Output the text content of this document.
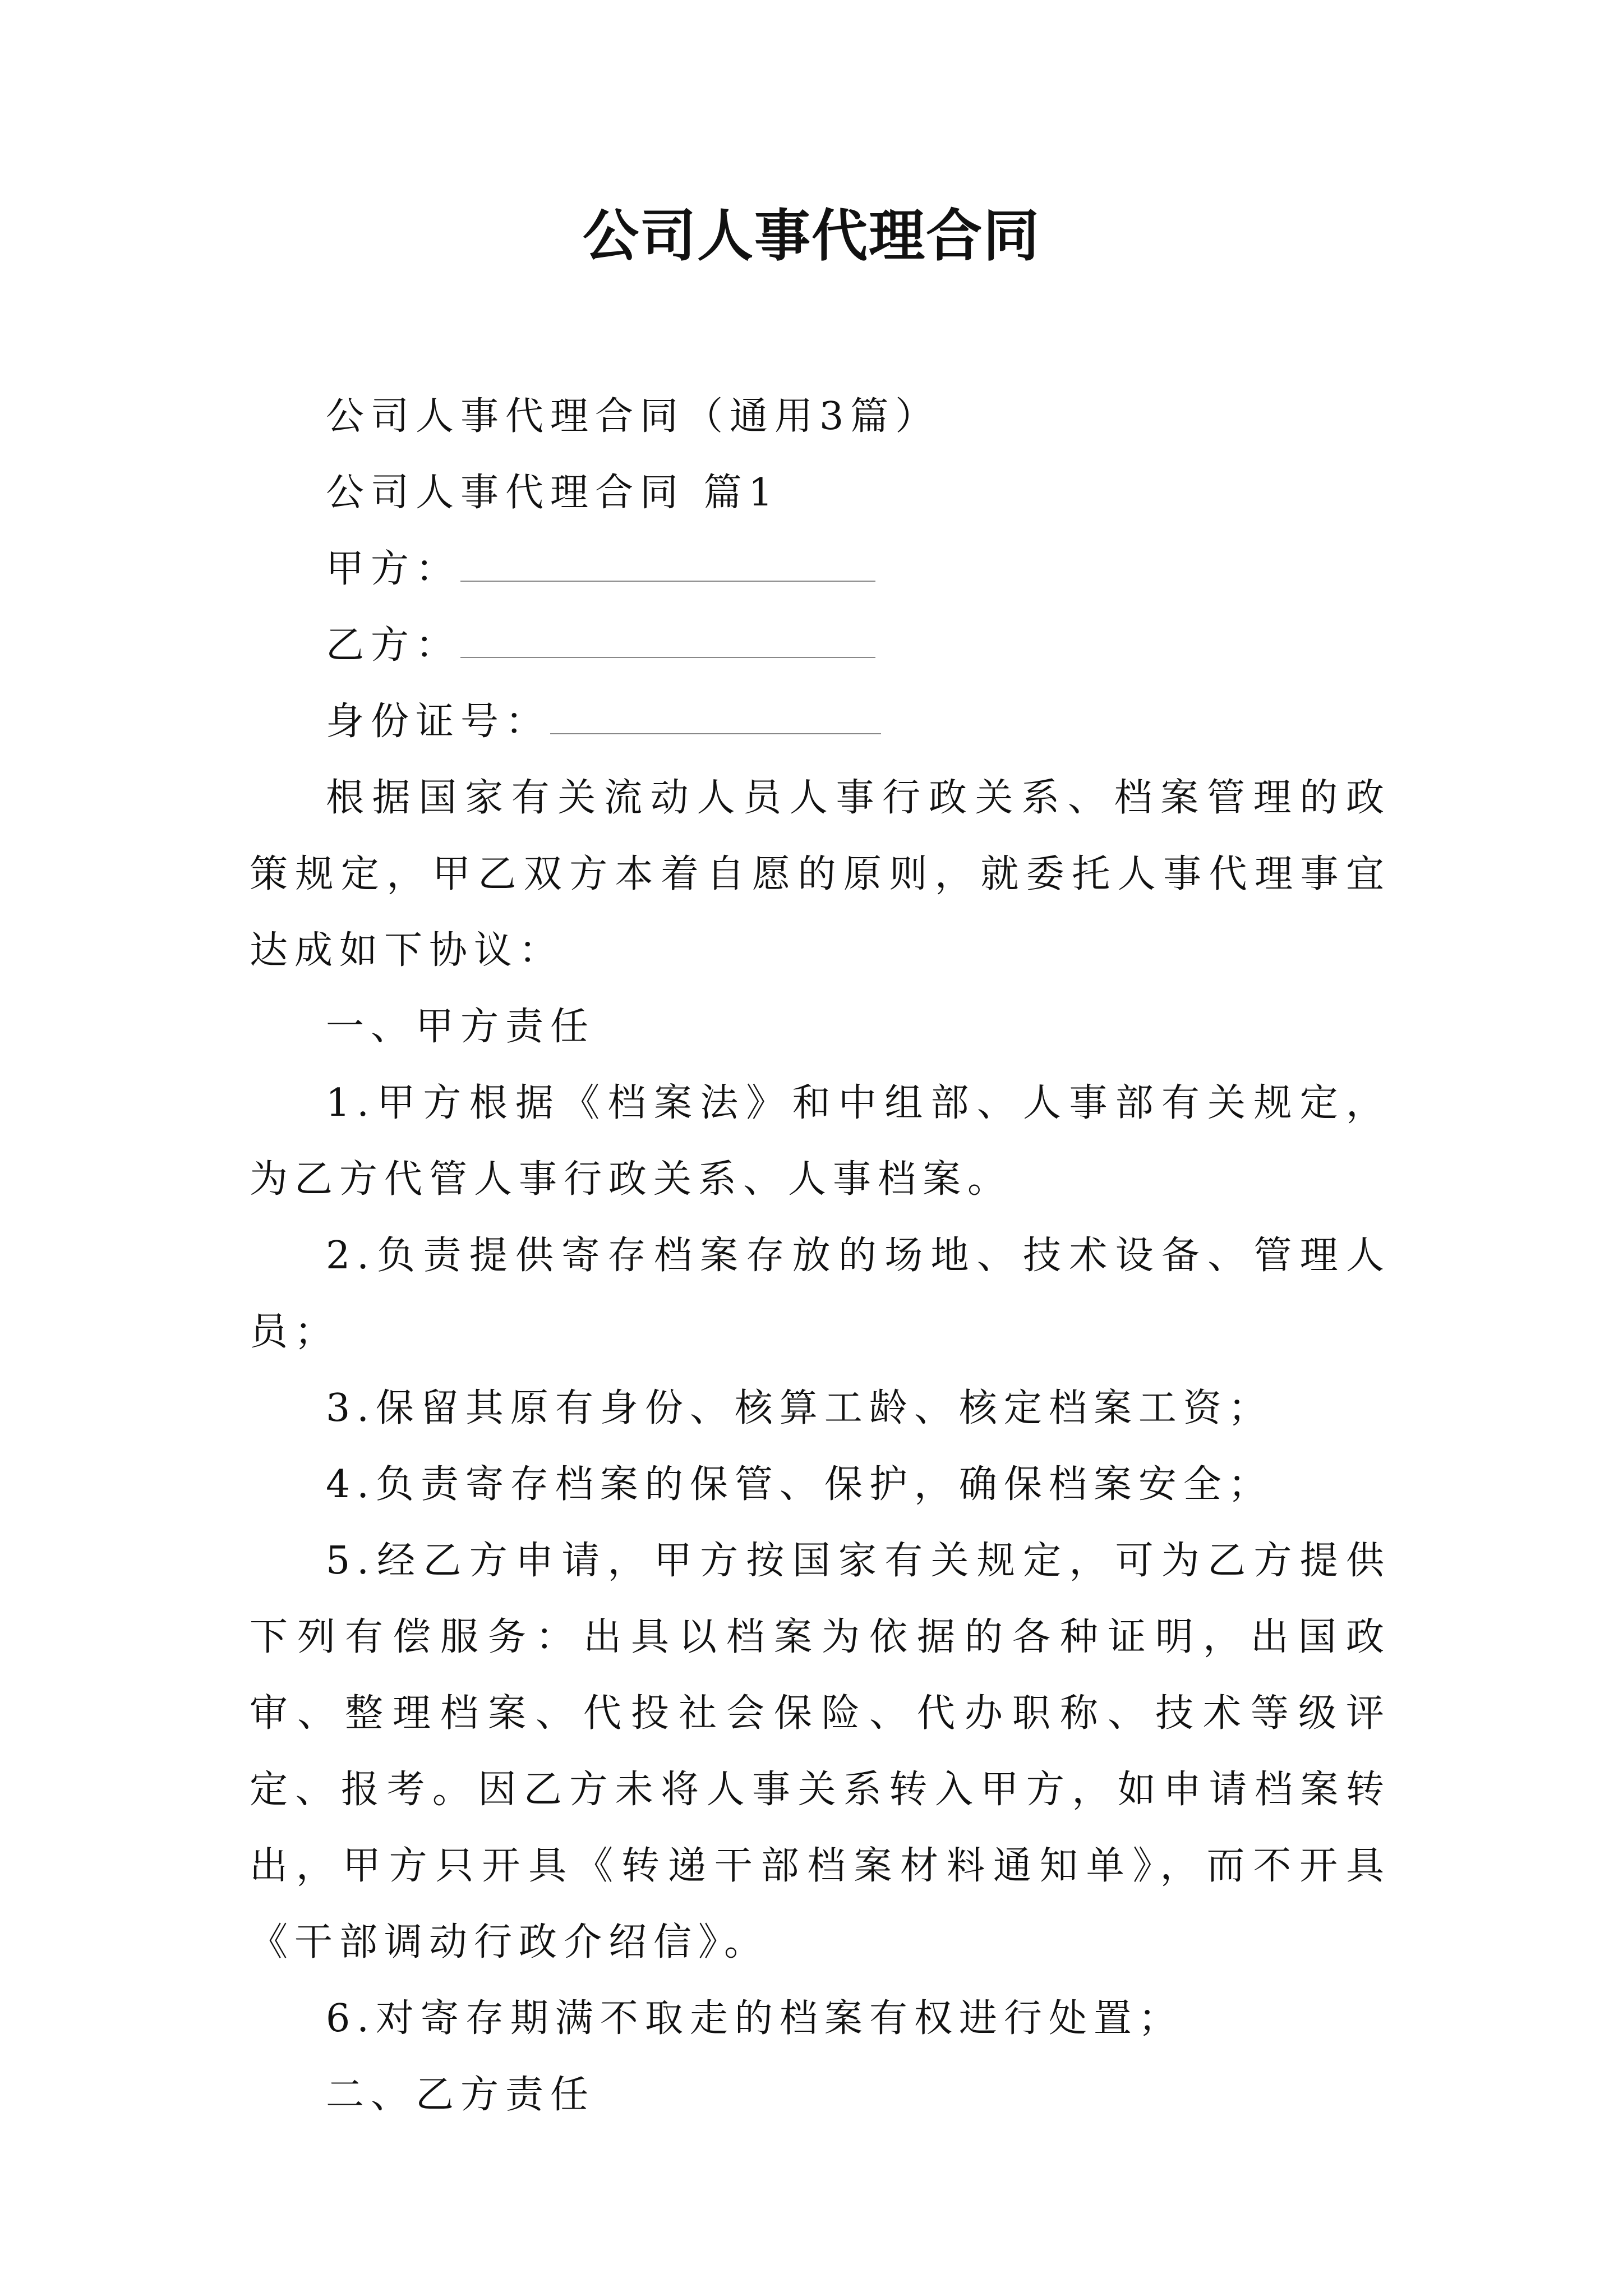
公司人事代理合同

公司人事代理合同（通用3篇）

公司人事代理合同 篇1

甲方：
乙方：
身份证号：

根据国家有关流动人员人事行政关系、档案管理的政策规定，甲乙双方本着自愿的原则，就委托人事代理事宜达成如下协议：

一、甲方责任

1.甲方根据《档案法》和中组部、人事部有关规定，为乙方代管人事行政关系、人事档案。

2.负责提供寄存档案存放的场地、技术设备、管理人员；

3.保留其原有身份、核算工龄、核定档案工资；

4.负责寄存档案的保管、保护，确保档案安全；

5.经乙方申请，甲方按国家有关规定，可为乙方提供下列有偿服务：出具以档案为依据的各种证明，出国政审、整理档案、代投社会保险、代办职称、技术等级评定、报考。因乙方未将人事关系转入甲方，如申请档案转出，甲方只开具《转递干部档案材料通知单》，而不开具《干部调动行政介绍信》。

6.对寄存期满不取走的档案有权进行处置；

二、乙方责任
